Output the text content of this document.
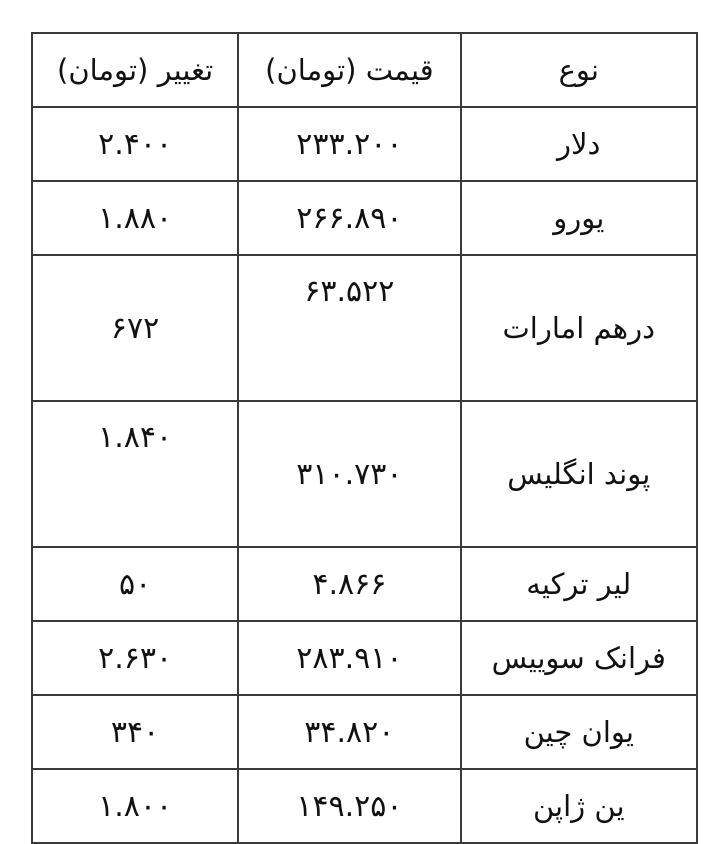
نوع	قیمت (تومان)	تغییر (تومان)
دلار	۲۳۳.۲۰۰	۲.۴۰۰
یورو	۲۶۶.۸۹۰	۱.۸۸۰
درهم امارات	۶۳.۵۲۲	۶۷۲
پوند انگلیس	۳۱۰.۷۳۰	۱.۸۴۰
لیر ترکیه	۴.۸۶۶	۵۰
فرانک سوییس	۲۸۳.۹۱۰	۲.۶۳۰
یوان چین	۳۴.۸۲۰	۳۴۰
ین ژاپن	۱۴۹.۲۵۰	۱.۸۰۰
